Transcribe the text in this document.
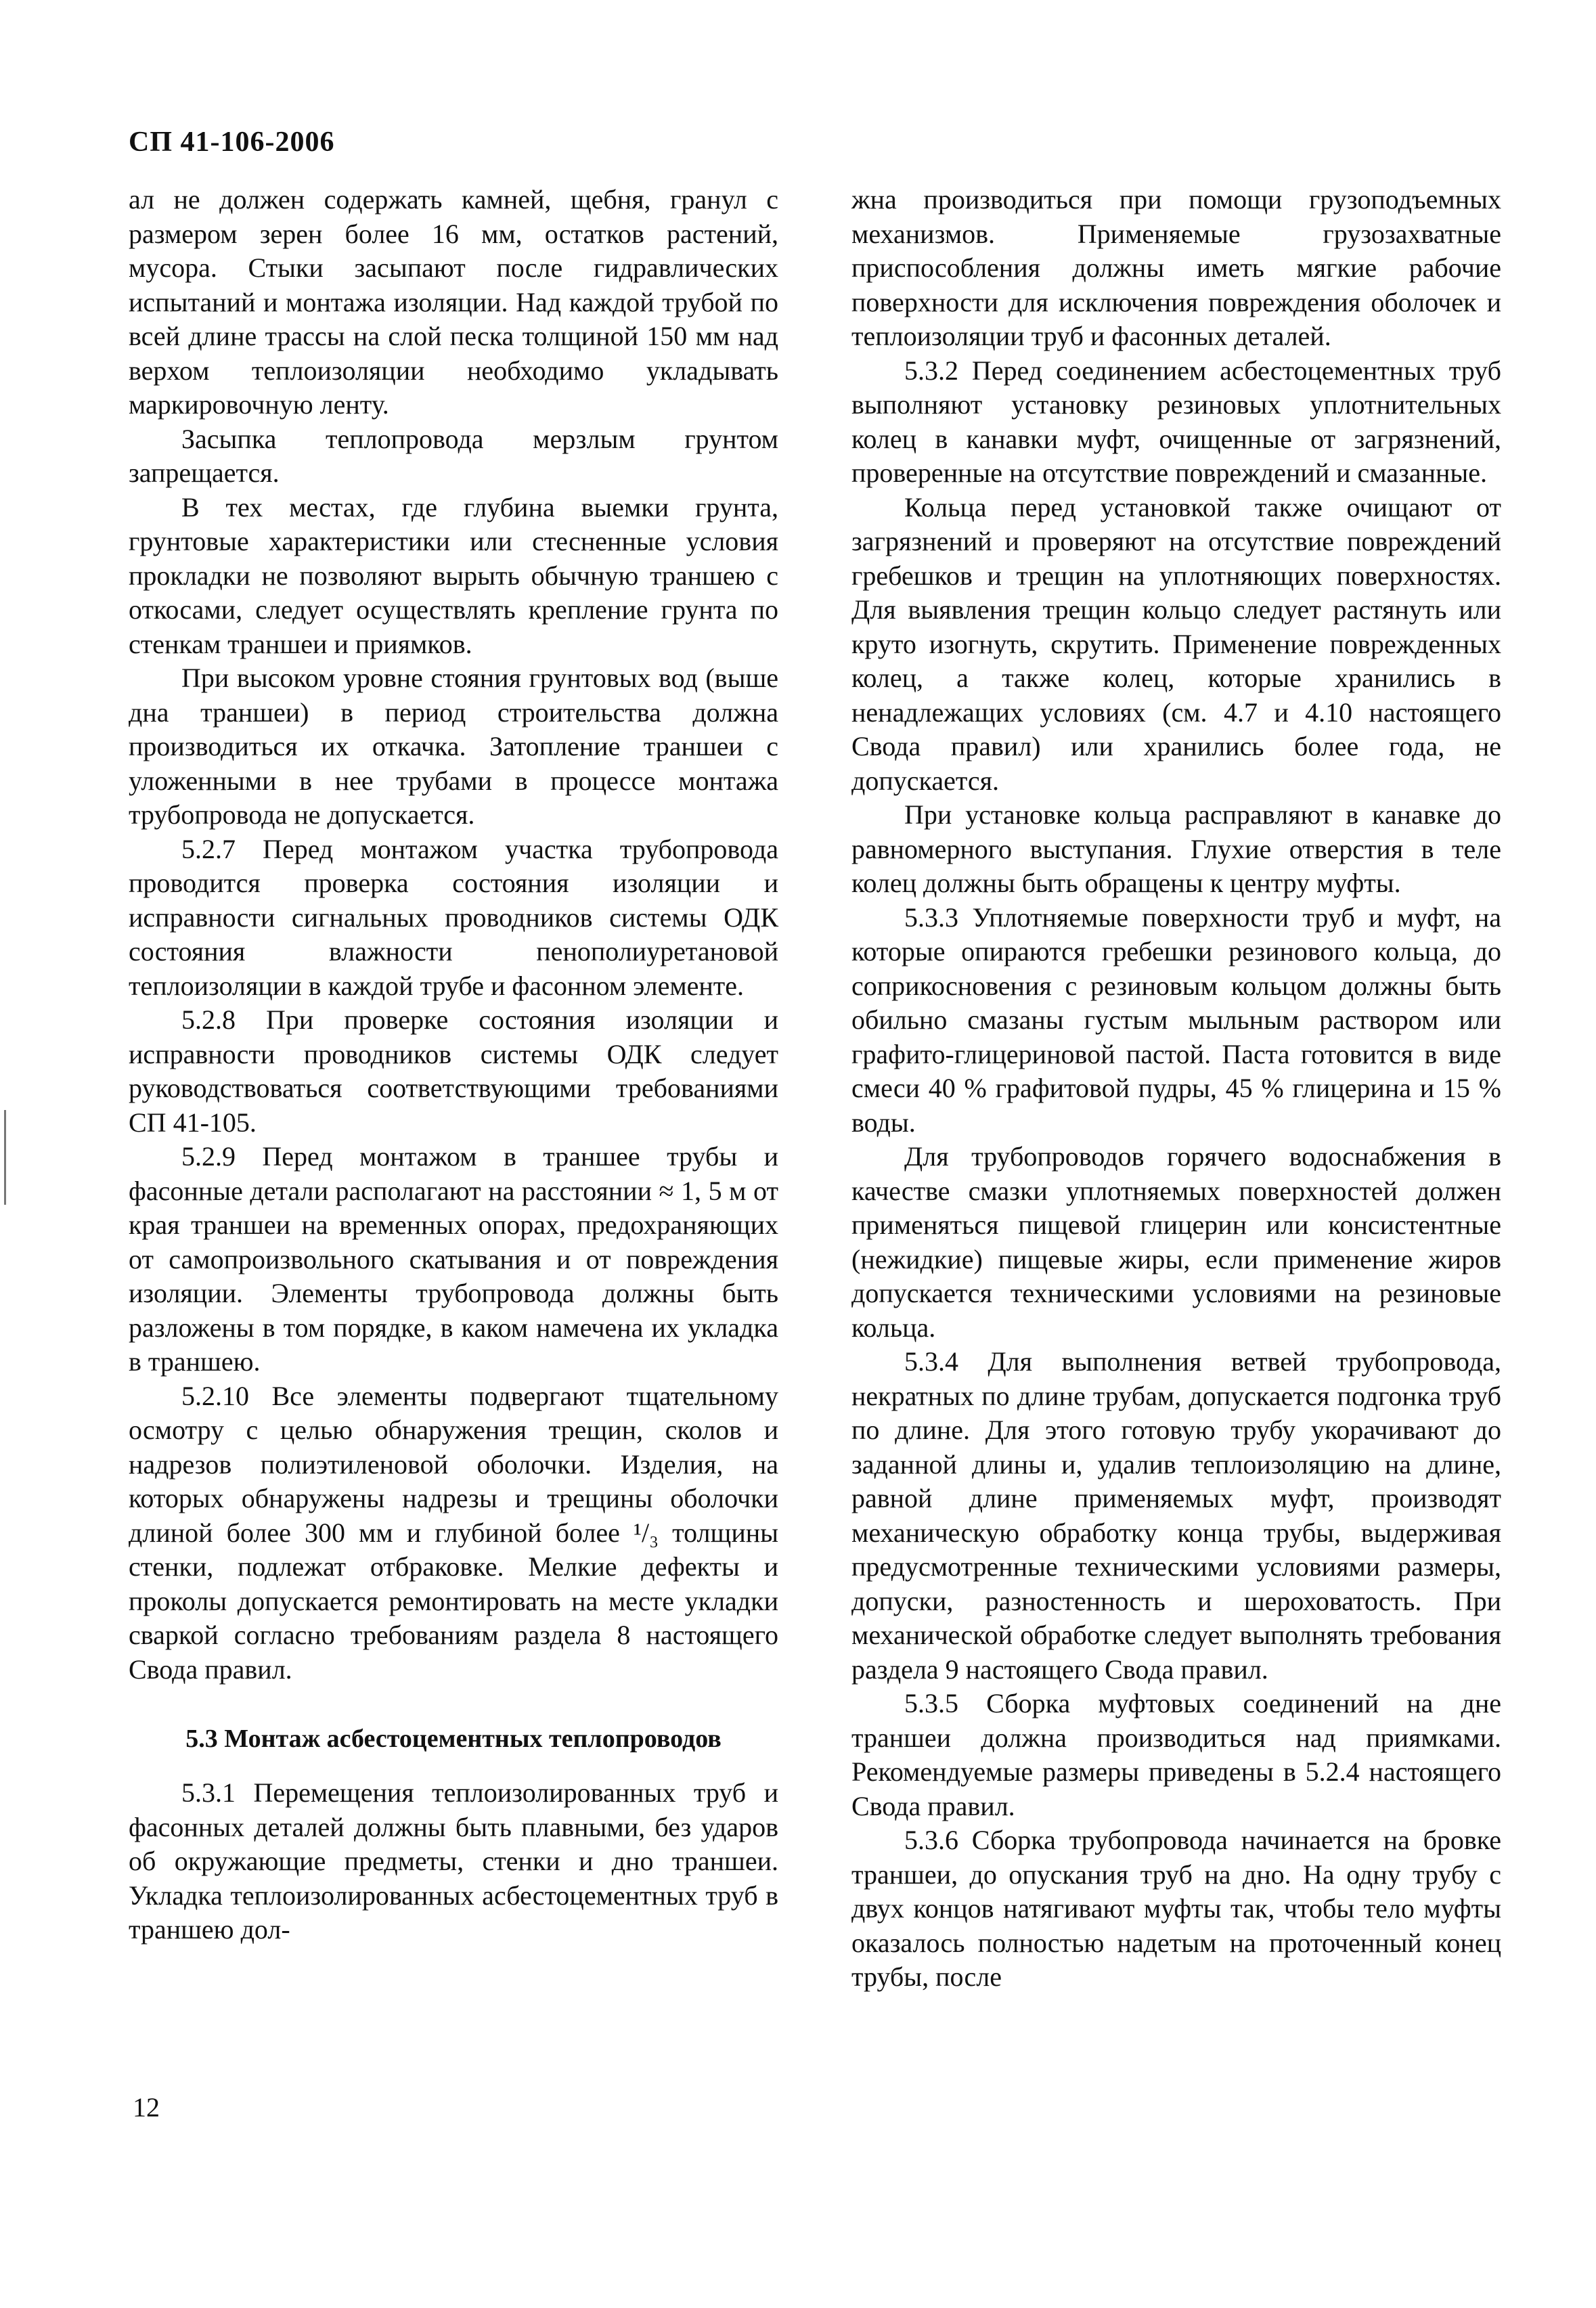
СП 41-106-2006

ал не должен содержать камней, щебня, гранул с размером зерен более 16 мм, остатков растений, мусора. Стыки засыпают после гидравлических испытаний и монтажа изоляции. Над каждой трубой по всей длине трассы на слой песка толщиной 150 мм над верхом теплоизоляции необходимо укладывать маркировочную ленту.

Засыпка теплопровода мерзлым грунтом запрещается.

В тех местах, где глубина выемки грунта, грунтовые характеристики или стесненные условия прокладки не позволяют вырыть обычную траншею с откосами, следует осуществлять крепление грунта по стенкам траншеи и приямков.

При высоком уровне стояния грунтовых вод (выше дна траншеи) в период строительства должна производиться их откачка. Затопление траншеи с уложенными в нее трубами в процессе монтажа трубопровода не допускается.

5.2.7 Перед монтажом участка трубопровода проводится проверка состояния изоляции и исправности сигнальных проводников системы ОДК состояния влажности пенополиуретановой теплоизоляции в каждой трубе и фасонном элементе.

5.2.8 При проверке состояния изоляции и исправности проводников системы ОДК следует руководствоваться соответствующими требованиями СП 41-105.

5.2.9 Перед монтажом в траншее трубы и фасонные детали располагают на расстоянии ≈ 1, 5 м от края траншеи на временных опорах, предохраняющих от самопроизвольного скатывания и от повреждения изоляции. Элементы трубопровода должны быть разложены в том порядке, в каком намечена их укладка в траншею.

5.2.10 Все элементы подвергают тщательному осмотру с целью обнаружения трещин, сколов и надрезов полиэтиленовой оболочки. Изделия, на которых обнаружены надрезы и трещины оболочки длиной более 300 мм и глубиной более ¹/₃ толщины стенки, подлежат отбраковке. Мелкие дефекты и проколы допускается ремонтировать на месте укладки сваркой согласно требованиям раздела 8 настоящего Свода правил.

5.3 Монтаж асбестоцементных теплопроводов

5.3.1 Перемещения теплоизолированных труб и фасонных деталей должны быть плавными, без ударов об окружающие предметы, стенки и дно траншеи. Укладка теплоизолированных асбестоцементных труб в траншею дол-

жна производиться при помощи грузоподъемных механизмов. Применяемые грузозахватные приспособления должны иметь мягкие рабочие поверхности для исключения повреждения оболочек и теплоизоляции труб и фасонных деталей.

5.3.2 Перед соединением асбестоцементных труб выполняют установку резиновых уплотнительных колец в канавки муфт, очищенные от загрязнений, проверенные на отсутствие повреждений и смазанные.

Кольца перед установкой также очищают от загрязнений и проверяют на отсутствие повреждений гребешков и трещин на уплотняющих поверхностях. Для выявления трещин кольцо следует растянуть или круто изогнуть, скрутить. Применение поврежденных колец, а также колец, которые хранились в ненадлежащих условиях (см. 4.7 и 4.10 настоящего Свода правил) или хранились более года, не допускается.

При установке кольца расправляют в канавке до равномерного выступания. Глухие отверстия в теле колец должны быть обращены к центру муфты.

5.3.3 Уплотняемые поверхности труб и муфт, на которые опираются гребешки резинового кольца, до соприкосновения с резиновым кольцом должны быть обильно смазаны густым мыльным раствором или графито-глицериновой пастой. Паста готовится в виде смеси 40 % графитовой пудры, 45 % глицерина и 15 % воды.

Для трубопроводов горячего водоснабжения в качестве смазки уплотняемых поверхностей должен применяться пищевой глицерин или консистентные (нежидкие) пищевые жиры, если применение жиров допускается техническими условиями на резиновые кольца.

5.3.4 Для выполнения ветвей трубопровода, некратных по длине трубам, допускается подгонка труб по длине. Для этого готовую трубу укорачивают до заданной длины и, удалив теплоизоляцию на длине, равной длине применяемых муфт, производят механическую обработку конца трубы, выдерживая предусмотренные техническими условиями размеры, допуски, разностенность и шероховатость. При механической обработке следует выполнять требования раздела 9 настоящего Свода правил.

5.3.5 Сборка муфтовых соединений на дне траншеи должна производиться над приямками. Рекомендуемые размеры приведены в 5.2.4 настоящего Свода правил.

5.3.6 Сборка трубопровода начинается на бровке траншеи, до опускания труб на дно. На одну трубу с двух концов натягивают муфты так, чтобы тело муфты оказалось полностью надетым на проточенный конец трубы, после

12
